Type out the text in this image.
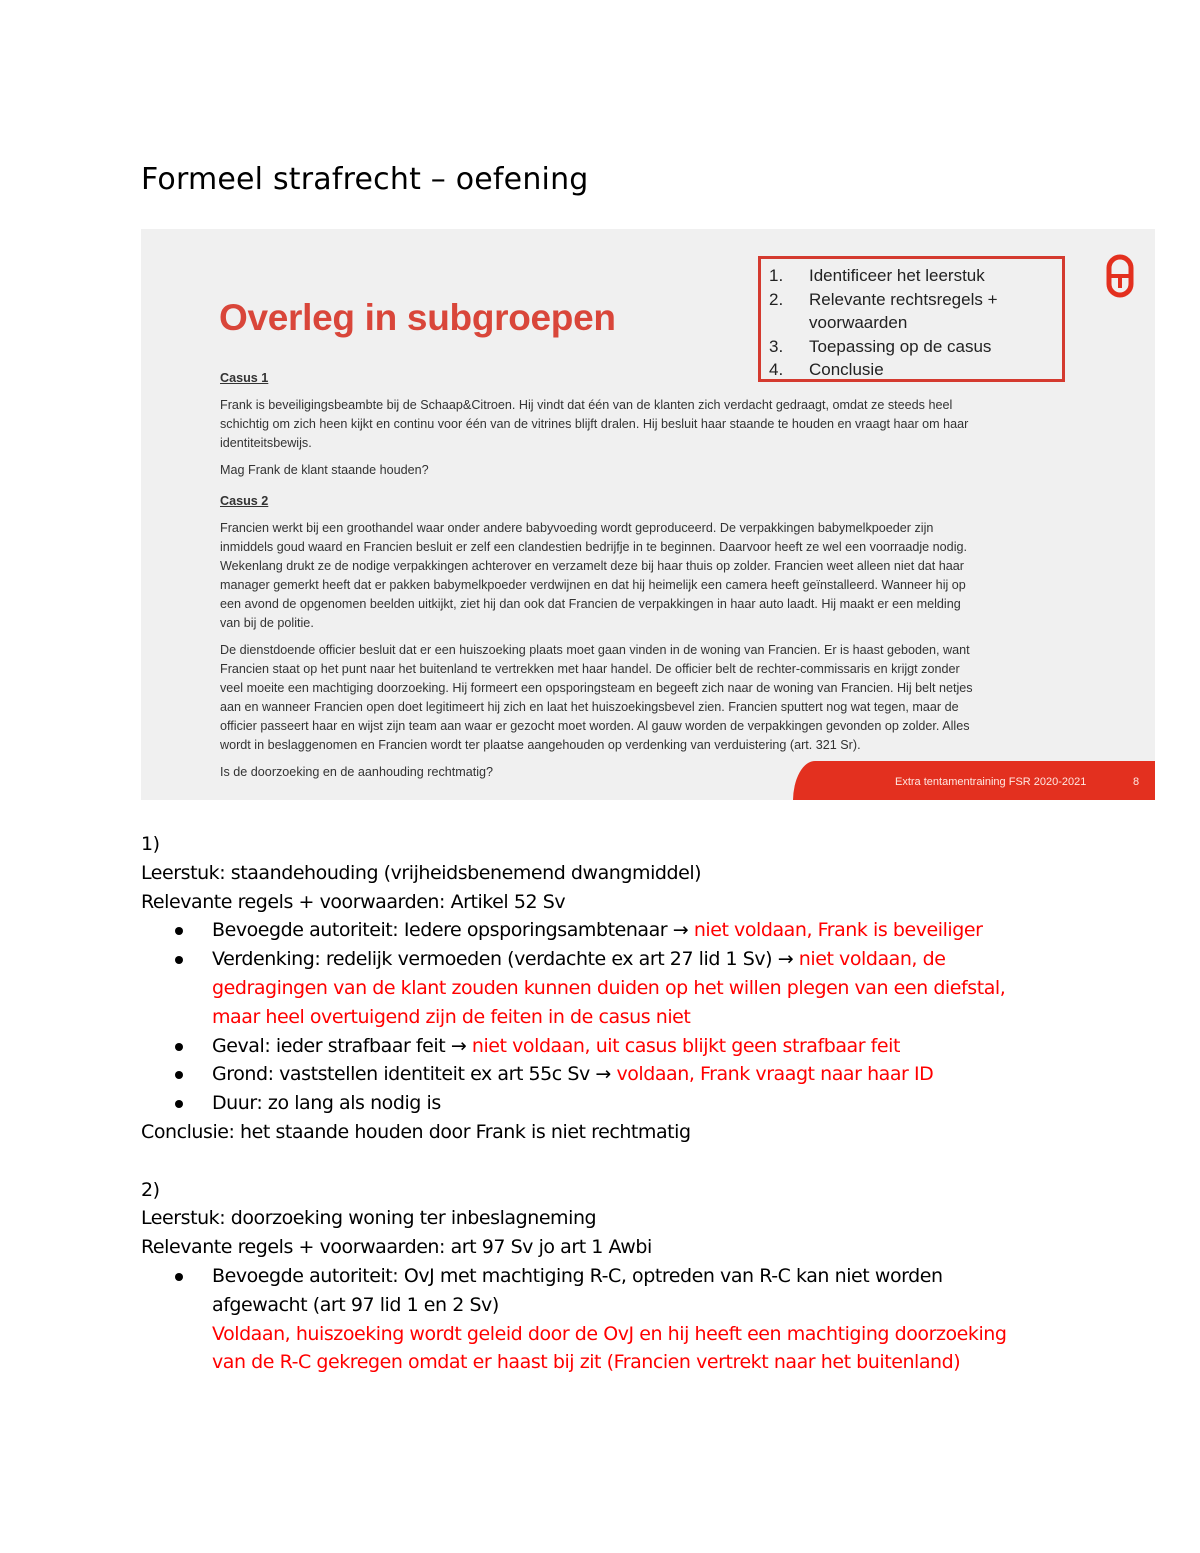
Formeel strafrecht – oefening
Overleg in subgroepen
1.	Identificeer het leerstuk
2.	Relevante rechtsregels +
voorwaarden
3.	Toepassing op de casus
4.	Conclusie
Casus 1

Frank is beveiligingsbeambte bij de Schaap&Citroen. Hij vindt dat één van de klanten zich verdacht gedraagt, omdat ze steeds heel
schichtig om zich heen kijkt en continu voor één van de vitrines blijft dralen. Hij besluit haar staande te houden en vraagt haar om haar
identiteitsbewijs.

Mag Frank de klant staande houden?

Casus 2

Francien werkt bij een groothandel waar onder andere babyvoeding wordt geproduceerd. De verpakkingen babymelkpoeder zijn
inmiddels goud waard en Francien besluit er zelf een clandestien bedrijfje in te beginnen. Daarvoor heeft ze wel een voorraadje nodig.
Wekenlang drukt ze de nodige verpakkingen achterover en verzamelt deze bij haar thuis op zolder. Francien weet alleen niet dat haar
manager gemerkt heeft dat er pakken babymelkpoeder verdwijnen en dat hij heimelijk een camera heeft geïnstalleerd. Wanneer hij op
een avond de opgenomen beelden uitkijkt, ziet hij dan ook dat Francien de verpakkingen in haar auto laadt. Hij maakt er een melding
van bij de politie.

De dienstdoende officier besluit dat er een huiszoeking plaats moet gaan vinden in de woning van Francien. Er is haast geboden, want
Francien staat op het punt naar het buitenland te vertrekken met haar handel. De officier belt de rechter-commissaris en krijgt zonder
veel moeite een machtiging doorzoeking. Hij formeert een opsporingsteam en begeeft zich naar de woning van Francien. Hij belt netjes
aan en wanneer Francien open doet legitimeert hij zich en laat het huiszoekingsbevel zien. Francien sputtert nog wat tegen, maar de
officier passeert haar en wijst zijn team aan waar er gezocht moet worden. Al gauw worden de verpakkingen gevonden op zolder. Alles
wordt in beslaggenomen en Francien wordt ter plaatse aangehouden op verdenking van verduistering (art. 321 Sr).

Is de doorzoeking en de aanhouding rechtmatig?

Extra tentamentraining FSR 2020-2021	8

1)

Leerstuk: staandehouding (vrijheidsbenemend dwangmiddel)

Relevante regels + voorwaarden: Artikel 52 Sv

Bevoegde autoriteit: Iedere opsporingsambtenaar → niet voldaan, Frank is beveiliger
Verdenking: redelijk vermoeden (verdachte ex art 27 lid 1 Sv) → niet voldaan, de
gedragingen van de klant zouden kunnen duiden op het willen plegen van een diefstal,
maar heel overtuigend zijn de feiten in de casus niet
Geval: ieder strafbaar feit → niet voldaan, uit casus blijkt geen strafbaar feit
Grond: vaststellen identiteit ex art 55c Sv → voldaan, Frank vraagt naar haar ID
Duur: zo lang als nodig is

Conclusie: het staande houden door Frank is niet rechtmatig

2)

Leerstuk: doorzoeking woning ter inbeslagneming

Relevante regels + voorwaarden: art 97 Sv jo art 1 Awbi

Bevoegde autoriteit: OvJ met machtiging R-C, optreden van R-C kan niet worden
afgewacht (art 97 lid 1 en 2 Sv)
Voldaan, huiszoeking wordt geleid door de OvJ en hij heeft een machtiging doorzoeking
van de R-C gekregen omdat er haast bij zit (Francien vertrekt naar het buitenland)
